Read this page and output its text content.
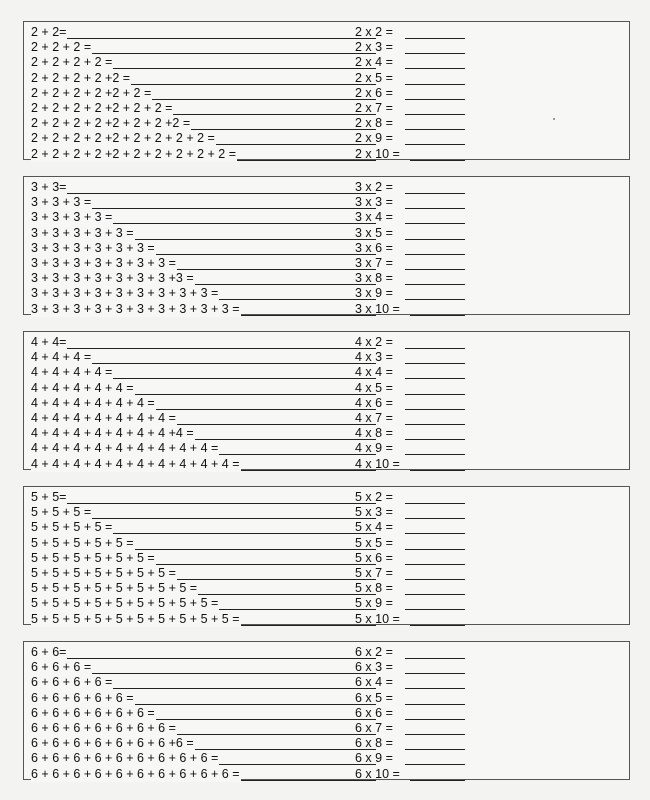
2 + 2=	2 x 2 =
2 + 2 + 2 =	2 x 3 =
2 + 2 + 2 + 2 =	2 x 4 =
2 + 2 + 2 + 2 +2 =	2 x 5 =
2 + 2 + 2 + 2 +2 + 2 =	2 x 6 =
2 + 2 + 2 + 2 +2 + 2 + 2 =	2 x 7 =
2 + 2 + 2 + 2 +2 + 2 + 2 +2 =	2 x 8 =
2 + 2 + 2 + 2 +2 + 2 + 2 + 2 + 2 =	2 x 9 =
2 + 2 + 2 + 2 +2 + 2 + 2 + 2 + 2 + 2 =	2 x 10 =
3 + 3=	3 x 2 =
3 + 3 + 3 =	3 x 3 =
3 + 3 + 3 + 3 =	3 x 4 =
3 + 3 + 3 + 3 + 3 =	3 x 5 =
3 + 3 + 3 + 3 + 3 + 3 =	3 x 6 =
3 + 3 + 3 + 3 + 3 + 3 + 3 =	3 x 7 =
3 + 3 + 3 + 3 + 3 + 3 + 3 +3 =	3 x 8 =
3 + 3 + 3 + 3 + 3 + 3 + 3 + 3 + 3 =	3 x 9 =
3 + 3 + 3 + 3 + 3 + 3 + 3 + 3 + 3 + 3 =	3 x 10 =
4 + 4=	4 x 2 =
4 + 4 + 4 =	4 x 3 =
4 + 4 + 4 + 4 =	4 x 4 =
4 + 4 + 4 + 4 + 4 =	4 x 5 =
4 + 4 + 4 + 4 + 4 + 4 =	4 x 6 =
4 + 4 + 4 + 4 + 4 + 4 + 4 =	4 x 7 =
4 + 4 + 4 + 4 + 4 + 4 + 4 +4 =	4 x 8 =
4 + 4 + 4 + 4 + 4 + 4 + 4 + 4 + 4 =	4 x 9 =
4 + 4 + 4 + 4 + 4 + 4 + 4 + 4 + 4 + 4 =	4 x 10 =
5 + 5=	5 x 2 =
5 + 5 + 5 =	5 x 3 =
5 + 5 + 5 + 5 =	5 x 4 =
5 + 5 + 5 + 5 + 5 =	5 x 5 =
5 + 5 + 5 + 5 + 5 + 5 =	5 x 6 =
5 + 5 + 5 + 5 + 5 + 5 + 5 =	5 x 7 =
5 + 5 + 5 + 5 + 5 + 5 + 5 + 5 =	5 x 8 =
5 + 5 + 5 + 5 + 5 + 5 + 5 + 5 + 5 =	5 x 9 =
5 + 5 + 5 + 5 + 5 + 5 + 5 + 5 + 5 + 5 =	5 x 10 =
6 + 6=	6 x 2 =
6 + 6 + 6 =	6 x 3 =
6 + 6 + 6 + 6 =	6 x 4 =
6 + 6 + 6 + 6 + 6 =	6 x 5 =
6 + 6 + 6 + 6 + 6 + 6 =	6 x 6 =
6 + 6 + 6 + 6 + 6 + 6 + 6 =	6 x 7 =
6 + 6 + 6 + 6 + 6 + 6 + 6 +6 =	6 x 8 =
6 + 6 + 6 + 6 + 6 + 6 + 6 + 6 + 6 =	6 x 9 =
6 + 6 + 6 + 6 + 6 + 6 + 6 + 6 + 6 + 6 =	6 x 10 =
